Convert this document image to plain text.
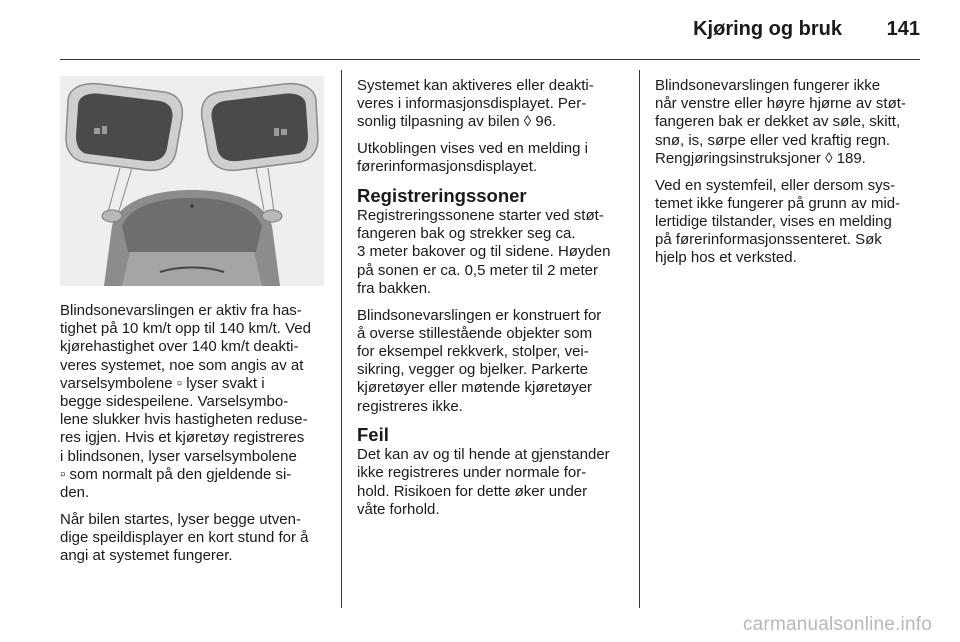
Kjøring og bruk 141

Blindsonevarslingen er aktiv fra has-
tighet på 10 km/t opp til 140 km/t. Ved
kjørehastighet over 140 km/t deakti-
veres systemet, noe som angis av at
varselsymbolene ▫ lyser svakt i
begge sidespeilene. Varselsymbo-
lene slukker hvis hastigheten reduse-
res igjen. Hvis et kjøretøy registreres
i blindsonen, lyser varselsymbolene
▫ som normalt på den gjeldende si-
den.

Når bilen startes, lyser begge utven-
dige speildisplayer en kort stund for å
angi at systemet fungerer.

Systemet kan aktiveres eller deakti-
veres i informasjonsdisplayet. Per-
sonlig tilpasning av bilen ◊ 96.

Utkoblingen vises ved en melding i
førerinformasjonsdisplayet.

Registreringssoner

Registreringssonene starter ved støt-
fangeren bak og strekker seg ca.
3 meter bakover og til sidene. Høyden
på sonen er ca. 0,5 meter til 2 meter
fra bakken.

Blindsonevarslingen er konstruert for
å overse stillestående objekter som
for eksempel rekkverk, stolper, vei-
sikring, vegger og bjelker. Parkerte
kjøretøyer eller møtende kjøretøyer
registreres ikke.

Feil

Det kan av og til hende at gjenstander
ikke registreres under normale for-
hold. Risikoen for dette øker under
våte forhold.

Blindsonevarslingen fungerer ikke
når venstre eller høyre hjørne av støt-
fangeren bak er dekket av søle, skitt,
snø, is, sørpe eller ved kraftig regn.
Rengjøringsinstruksjoner ◊ 189.

Ved en systemfeil, eller dersom sys-
temet ikke fungerer på grunn av mid-
lertidige tilstander, vises en melding
på førerinformasjonssenteret. Søk
hjelp hos et verksted.

carmanualsonline.info
